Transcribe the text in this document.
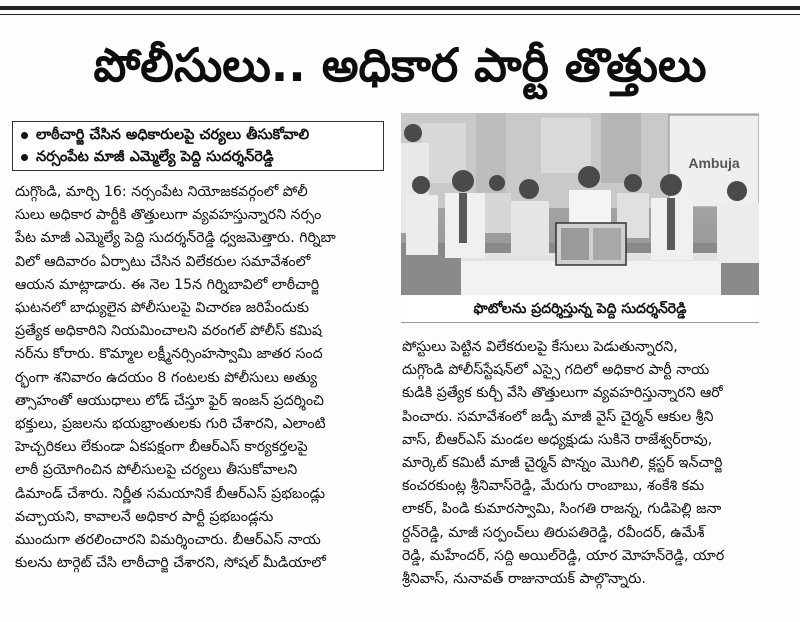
పోలీసులు.. అధికార పార్టీ తొత్తులు
లాఠీచార్జి చేసిన అధికారులపై చర్యలు తీసుకోవాలి
నర్సంపేట మాజీ ఎమ్మెల్యే పెద్ది సుదర్శన్‌రెడ్డి	Ambuja
ఫొటోలను ప్రదర్శిస్తున్న పెద్ది సుదర్శన్‌రెడ్డి

దుగ్గొండి, మార్చి 16: నర్సంపేట నియోజకవర్గంలో పోలీ

సులు అధికార పార్టీకి తొత్తులుగా వ్యవహస్తున్నారని నర్సం

పేట మాజీ ఎమ్మెల్యే పెద్ది సుదర్శన్‌రెడ్డి ధ్వజమెత్తారు. గిర్నిబా

విలో ఆదివారం ఏర్పాటు చేసిన విలేకరుల సమావేశంలో

ఆయన మాట్లాడారు. ఈ నెల 15న గిర్నిబావిలో లాఠీచార్జి

ఘటనలో బాధ్యులైన పోలీసులపై విచారణ జరిపేందుకు

ప్రత్యేక అధికారిని నియమించాలని వరంగల్ పోలీస్ కమిష

నర్‌ను కోరారు. కొమ్మాల లక్ష్మీనర్సింహస్వామి జాతర సంద

ర్భంగా శనివారం ఉదయం 8 గంటలకు పోలీసులు అత్యు

త్సాహంతో ఆయుధాలు లోడ్ చేస్తూ ఫైర్ ఇంజన్ ప్రదర్శించి

భక్తులు, ప్రజలను భయభ్రాంతులకు గురి చేశారని, ఎలాంటి

హెచ్చరికలు లేకుండా ఏకపక్షంగా బీఆర్ఎస్ కార్యకర్తలపై

లాఠీ ప్రయోగించిన పోలీసులపై చర్యలు తీసుకోవాలని

డిమాండ్ చేశారు. నిర్ణీత సమయానికే బీఆర్ఎస్ ప్రభబండ్లు

వచ్చాయని, కావాలనే అధికార పార్టీ ప్రభబండ్లను

ముందుగా తరలించారని విమర్శించారు. బీఆర్ఎస్ నాయ

కులను టార్గెట్ చేసి లాఠీచార్జి చేశారని, సోషల్ మీడియాలో

పోస్టులు పెట్టిన విలేకరులపై కేసులు పెడుతున్నారని,

దుగ్గొండి పోలీస్‌స్టేషన్‌లో ఎస్సై గదిలో అధికార పార్టీ నాయ

కుడికి ప్రత్యేక కుర్చీ వేసి తొత్తులుగా వ్యవహరిస్తున్నారని ఆరో

పించారు. సమావేశంలో జడ్పీ మాజీ వైస్ చైర్మన్ ఆకుల శ్రీని

వాస్, బీఆర్ఎస్ మండల అధ్యక్షుడు సుకినె రాజేశ్వర్‌రావు,

మార్కెట్ కమిటీ మాజీ చైర్మన్ పొన్నం మొగిలి, క్లస్టర్ ఇన్‌చార్జి

కంచరకుంట్ల శ్రీనివాస్‌రెడ్డి, మేరుగు రాంబాబు, శంకేశి కమ

లాకర్, పిండి కుమారస్వామి, సింగతి రాజన్న, గుడిపెల్లి జనా

ర్దన్‌రెడ్డి, మాజీ సర్పంచ్‌లు తిరుపతిరెడ్డి, రవీందర్, ఉమేశ్

రెడ్డి, మహేందర్, సద్ది అయిల్‌రెడ్డి, యార మోహన్‌రెడ్డి, యార

శ్రీనివాస్, నునావత్ రాజునాయక్ పాల్గొన్నారు.
